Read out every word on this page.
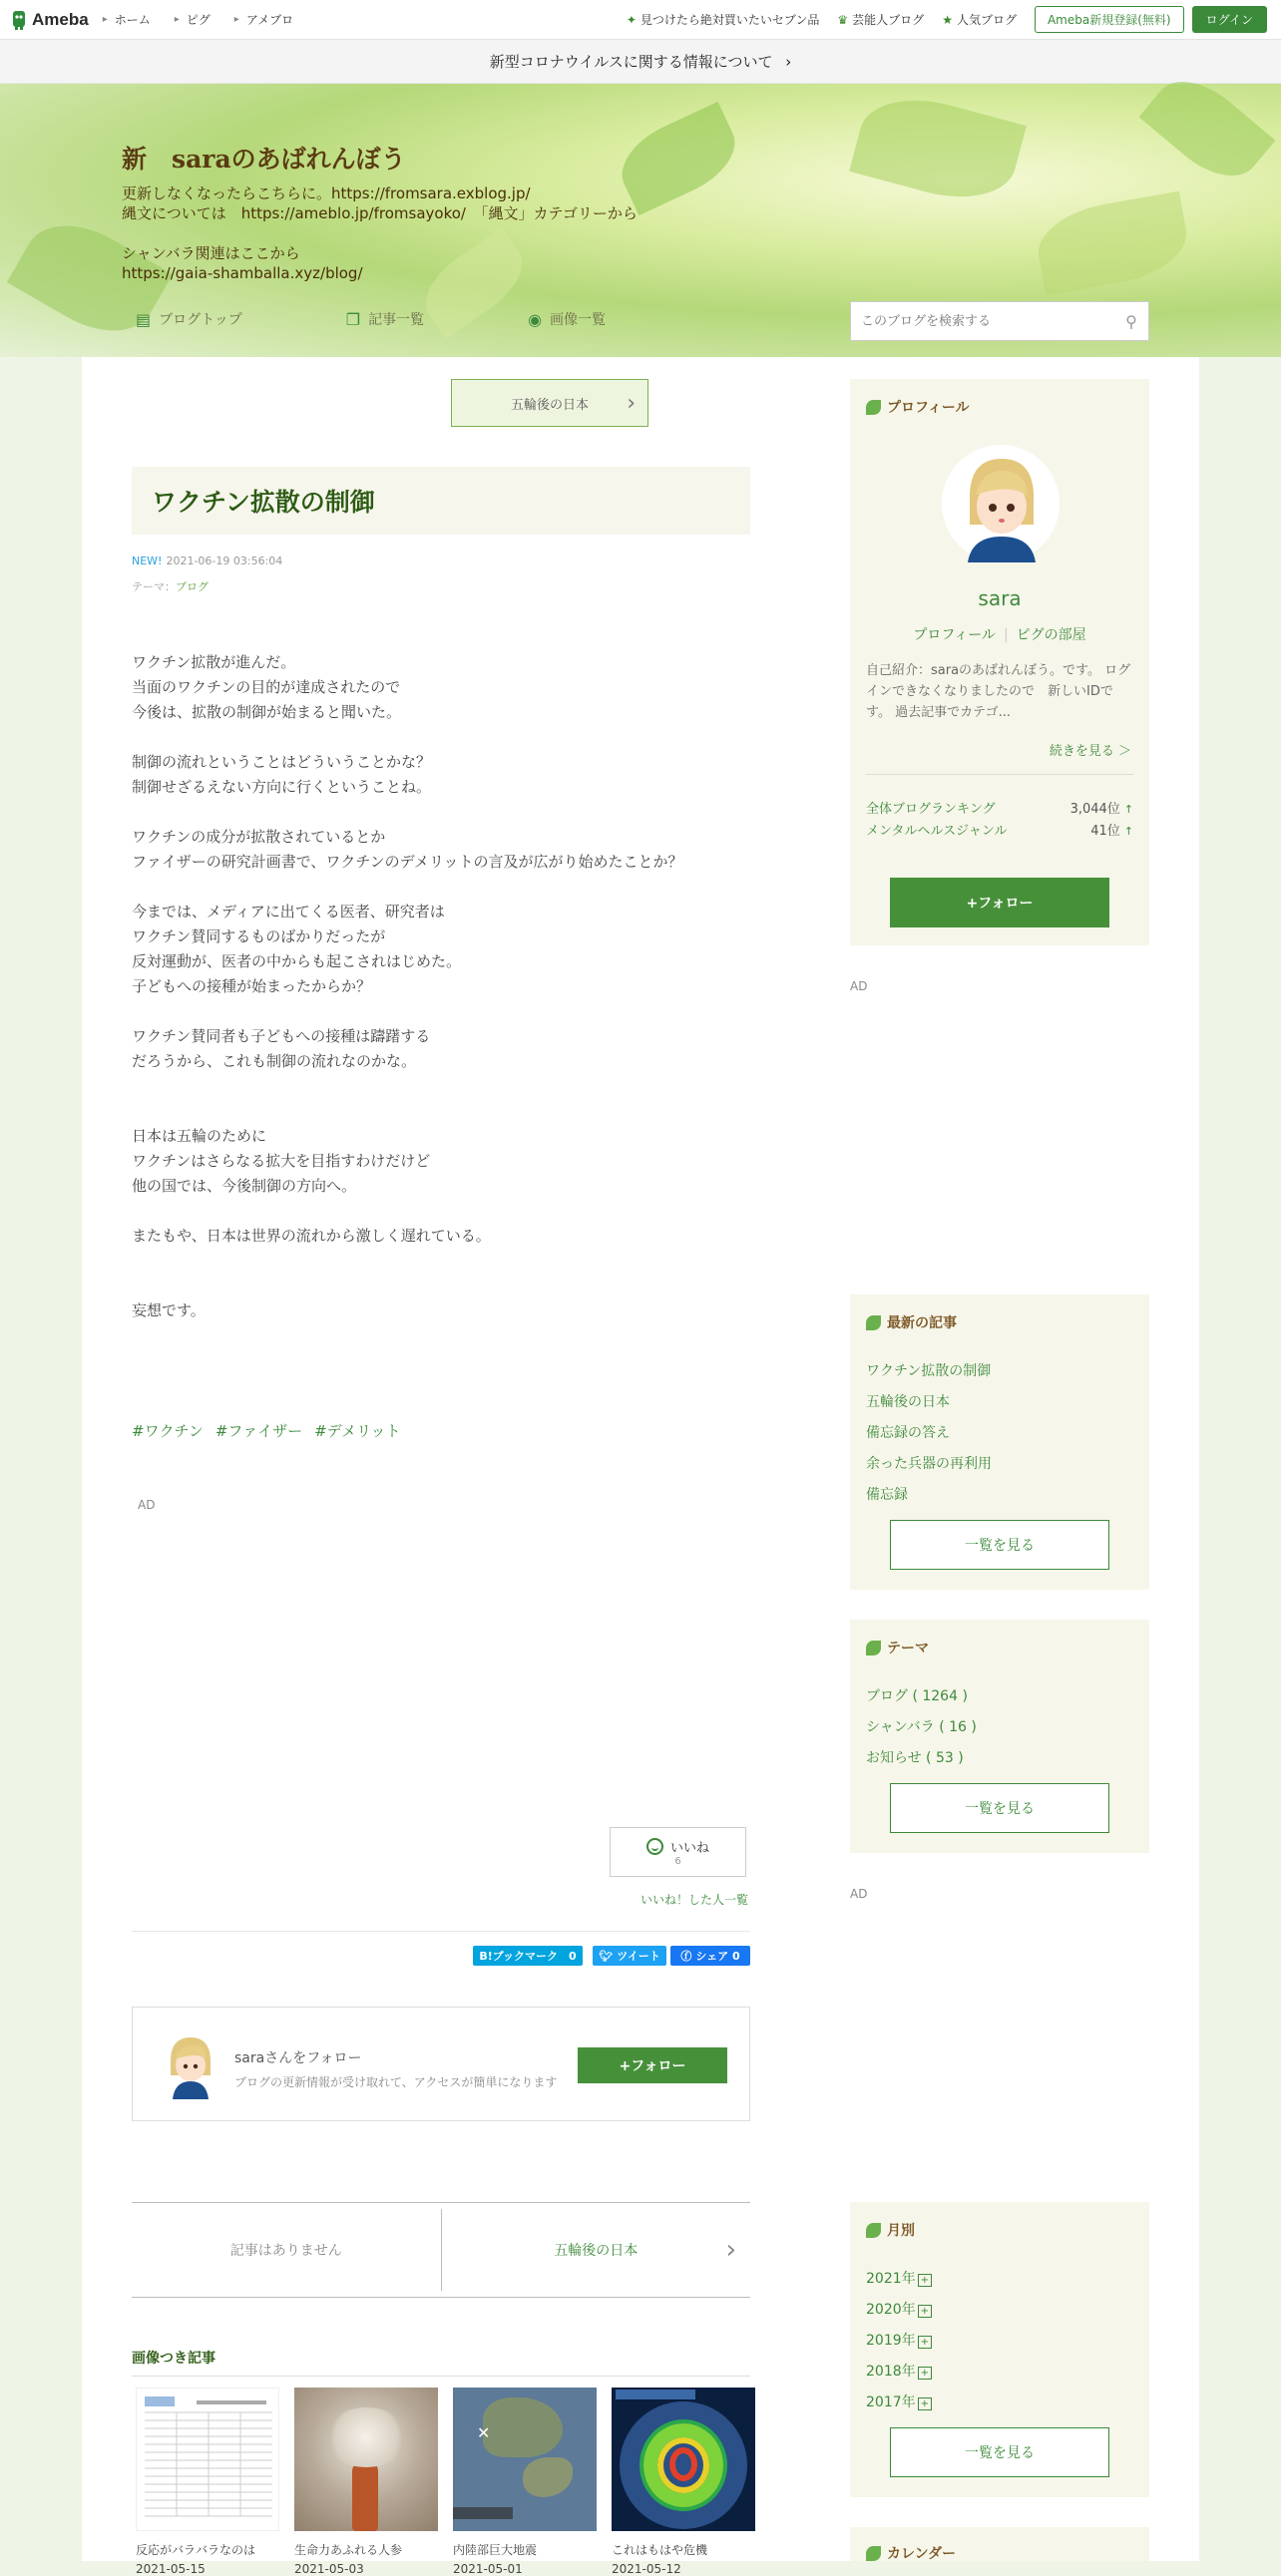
Ameba	▸ ホーム	▸ ピグ	▸ アメブロ	✦ 見つけたら絶対買いたいセブン品 ♛ 芸能人ブログ ★ 人気ブログ	Ameba新規登録(無料)	ログイン
新型コロナウイルスに関する情報について ›
新　saraのあばれんぼう
更新しなくなったらこちらに。https://fromsara.exblog.jp/
縄文については　https://ameblo.jp/fromsayoko/　「縄文」カテゴリーから

シャンバラ関連はここから
https://gaia-shamballa.xyz/blog/
▤ ブログトップ	❐ 記事一覧	◉ 画像一覧
このブログを検索する	⚲
五輪後の日本 ›
ワクチン拡散の制御
NEW! 2021-06-19 03:56:04
テーマ：ブログ

ワクチン拡散が進んだ。

当面のワクチンの目的が達成されたので

今後は、拡散の制御が始まると聞いた。

制御の流れということはどういうことかな？

制御せざるえない方向に行くということね。

ワクチンの成分が拡散されているとか

ファイザーの研究計画書で、ワクチンのデメリットの言及が広がり始めたことか？

今までは、メディアに出てくる医者、研究者は

ワクチン賛同するものばかりだったが

反対運動が、医者の中からも起こされはじめた。

子どもへの接種が始まったからか？

ワクチン賛同者も子どもへの接種は躊躇する

だろうから、これも制御の流れなのかな。

日本は五輪のために

ワクチンはさらなる拡大を目指すわけだけど

他の国では、今後制御の方向へ。

またもや、日本は世界の流れから激しく遅れている。

妄想です。

#ワクチン #ファイザー #デメリット
AD
いいね
6
いいね！した人一覧
B!ブックマーク　0	🐦︎ ツイート ⓕ シェア 0
saraさんをフォロー
ブログの更新情報が受け取れて、アクセスが簡単になります
+フォロー
記事はありません	五輪後の日本 ›
画像つき記事
反応がバラバラなのは
2021-05-15
生命力あふれる人参
2021-05-03
✕
内陸部巨大地震
2021-05-01
これはもはや危機
2021-05-12
プロフィール
sara
プロフィール | ピグの部屋
自己紹介：saraのあばれんぼう。です。 ログインできなくなりましたので　新しいIDです。 過去記事でカテゴ...
続きを見る ＞
全体ブログランキング	3,044位 ↑
メンタルヘルスジャンル	41位 ↑
+フォロー
AD
最新の記事
ワクチン拡散の制御
五輪後の日本
備忘録の答え
余った兵器の再利用
備忘録
一覧を見る
テーマ
ブログ ( 1264 )
シャンバラ ( 16 )
お知らせ ( 53 )
一覧を見る
AD
月別
2021年 +
2020年 +
2019年 +
2018年 +
2017年 +
一覧を見る
カレンダー
